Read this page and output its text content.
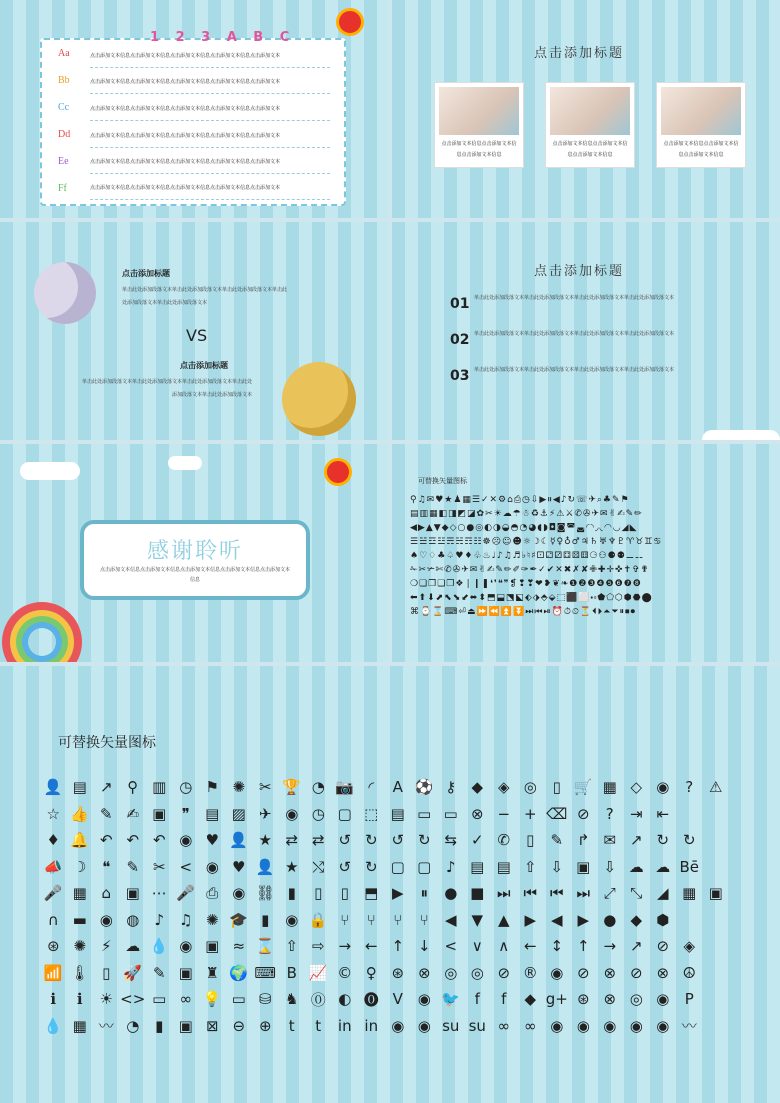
1 2 3 A B C
Aa
Bb
Cc
Dd
Ee
Ff
点击添加文本信息点击添加文本信息点击添加文本信息点击添加文本信息点击添加文本
点击添加文本信息点击添加文本信息点击添加文本信息点击添加文本信息点击添加文本
点击添加文本信息点击添加文本信息点击添加文本信息点击添加文本信息点击添加文本
点击添加文本信息点击添加文本信息点击添加文本信息点击添加文本信息点击添加文本
点击添加文本信息点击添加文本信息点击添加文本信息点击添加文本信息点击添加文本
点击添加文本信息点击添加文本信息点击添加文本信息点击添加文本信息点击添加文本
点击添加标题
点击添加文本信息点击添加文本信息点击添加文本信息
点击添加文本信息点击添加文本信息点击添加文本信息
点击添加文本信息点击添加文本信息点击添加文本信息
点击添加标题
单击此处添加段落文本单击此处添加段落文本单击此处添加段落文本单击此处添加段落文本单击此处添加段落文本
VS
点击添加标题
单击此处添加段落文本单击此处添加段落文本单击此处添加段落文本单击此处添加段落文本单击此处添加段落文本
点击添加标题
01 单击此处添加段落文本单击此处添加段落文本单击此处添加段落文本单击此处添加段落文本
02 单击此处添加段落文本单击此处添加段落文本单击此处添加段落文本单击此处添加段落文本
03 单击此处添加段落文本单击此处添加段落文本单击此处添加段落文本单击此处添加段落文本
感谢聆听
点击添加文本信息点击添加文本信息点击添加文本信息点击添加文本信息点击添加文本信息
可替换矢量图标
⚲♫✉♥★♟▦☰✓✕⚙⌂⎙◷⇩▶⏸◀♪↻☏✈⌕♣✎⚑
▤▥▦◧◨◩◪✿✂☀☁☂☃♻⚓⚡⚠⚔✆✇✈✉✌✍✎✏
◀▶▲▼◆◇○●◎◐◑◒◓◔◕◖◗◘◙◚◛◜◝◞◟◠◡◢◣
☰☱☲☳☴☵☶☷☸☹☺☻☼☽☾☿♀♁♂♃♄♅♆♇♈♉♊♋
♠♡♢♣♤♥♦♧♨♩♪♫♬♭♮♯⚀⚁⚂⚃⚄⚅⚆⚇⚈⚉⚊⚋
✁✂✃✄✆✇✈✉✌✍✎✏✐✑✒✓✔✕✖✗✘✙✚✛✜✝✞✟
❍❏❐❑❒❖❘❙❚❛❜❝❞❡❢❣❤❥❦❧❶❷❸❹❺❻❼❽
⬅⬆⬇⬈⬉⬊⬋⬌⬍⬒⬓⬔⬕⬖⬗⬘⬙⬚⬛⬜⬝⬞⬟⬠⬡⬢⬣⬤
⌘⌚⌛⌨⏎⏏⏩⏪⏫⏬⏭⏮⏯⏰⏱⏲⏳⏴⏵⏶⏷⏸⏹⏺
可替换矢量图标
👤 ▤ ↗ ⚲ ▥ ◷ ⚑ ✺ ✂ 🏆 ◔ 📷 ◜	A ⚽ ⚷	◆ ◈ ◎	▯ 🛒 ▦ ◇ ◉	?	⚠
☆ 👍 ✎ ✍ ▣	❞	▤ ▨ ✈ ◉ ◷ ▢ ⬚ ▤ ▭ ▭ ⊗ − + ⌫ ⊘	?	⇥ ⇤
♦ 🔔 ↶ ↶ ↶ ◉ ♥ 👤 ★ ⇄ ⇄ ↺ ↻ ↺ ↻ ⇆ ✓ ✆	▯	✎ ↱ ✉ ↗ ↻ ↻
📣 ☽	❝	✎ ✂ < ◉ ♥ 👤 ★ ⤭ ↺ ↻ ▢ ▢ ♪ ▤ ▤ ⇧ ⇩ ▣ ⇩ ☁ ☁ Bē
🎤 ▦ ⌂ ▣ ⋯ 🎤 ⎙ ◉ ⛓ ▮	▯	▯	⬒ ▶	⏸	● ■ ⏭ ⏮ ⏮ ⏭ ⤢ ⤡ ◢ ▦ ▣
∩ ▬ ◉ ◍	♪ ♫ ✺ 🎓 ▮	◉ 🔒 ⑂	⑂	⑂	⑂	◀ ▼ ▲ ▶ ◀ ▶ ● ◆ ⬢
⊛ ✺ ⚡ ☁ 💧 ◉ ▣ ≈ ⌛ ⇧ ⇨ → ← ↑ ↓ < ∨	∧ ← ↕ ↑ → ↗ ⊘ ◈
📶 🌡 ▯ 🚀 ✎ ▣ ♜ 🌍 ⌨ B 📈 © ♀ ⊛ ⊗ ◎ ◎ ⊘ ® ◉ ⊘ ⊗ ⊘ ⊗ ☮
ℹ	ℹ	☀ <> ▭ ∞ 💡 ▭ ⛁ ♞ ⓪ ◐ ⓿ V ◉ 🐦 f	f	◆ g+ ⊛ ⊗ ◎ ◉	P
💧 ▦ 〰 ◔	▮	▣ ⊠ ⊖ ⊕	t	t	in in ◉ ◉ su su ∞ ∞ ◉ ◉ ◉ ◉ ◉ 〰
